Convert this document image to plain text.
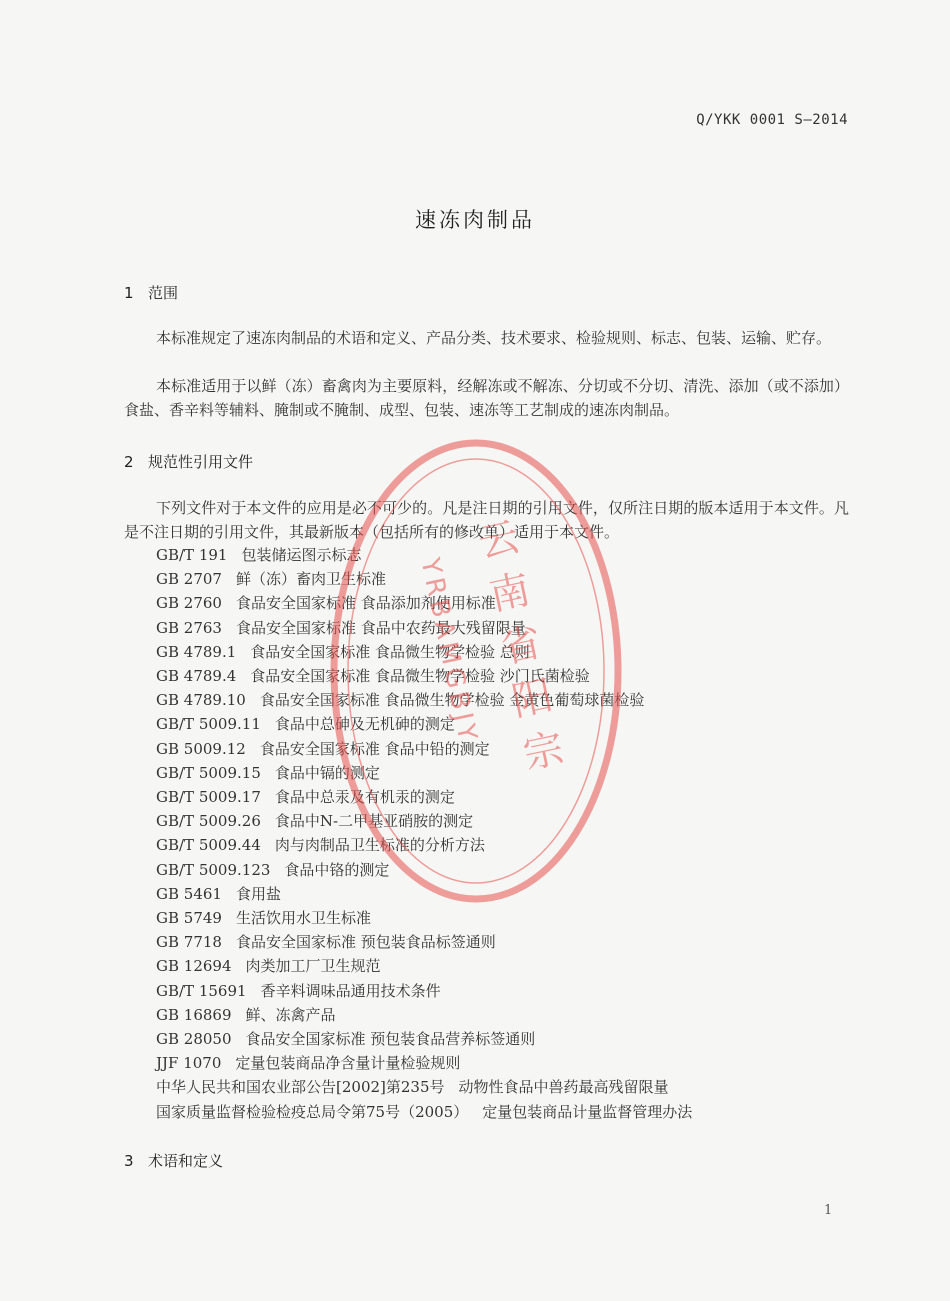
Q/YKK 0001 S—2014
速冻肉制品
1 范围

本标准规定了速冻肉制品的术语和定义、产品分类、技术要求、检验规则、标志、包装、运输、贮存。

本标准适用于以鲜（冻）畜禽肉为主要原料，经解冻或不解冻、分切或不分切、清洗、添加（或不添加）食盐、香辛料等辅料、腌制或不腌制、成型、包装、速冻等工艺制成的速冻肉制品。

2 规范性引用文件

下列文件对于本文件的应用是必不可少的。凡是注日期的引用文件，仅所注日期的版本适用于本文件。凡是不注日期的引用文件，其最新版本（包括所有的修改单）适用于本文件。

GB/T 191 包装储运图示标志
GB 2707 鲜（冻）畜肉卫生标准
GB 2760 食品安全国家标准 食品添加剂使用标准
GB 2763 食品安全国家标准 食品中农药最大残留限量
GB 4789.1 食品安全国家标准 食品微生物学检验 总则
GB 4789.4 食品安全国家标准 食品微生物学检验 沙门氏菌检验
GB 4789.10 食品安全国家标准 食品微生物学检验 金黄色葡萄球菌检验
GB/T 5009.11 食品中总砷及无机砷的测定
GB 5009.12 食品安全国家标准 食品中铅的测定
GB/T 5009.15 食品中镉的测定
GB/T 5009.17 食品中总汞及有机汞的测定
GB/T 5009.26 食品中N-二甲基亚硝胺的测定
GB/T 5009.44 肉与肉制品卫生标准的分析方法
GB/T 5009.123 食品中铬的测定
GB 5461 食用盐
GB 5749 生活饮用水卫生标准
GB 7718 食品安全国家标准 预包装食品标签通则
GB 12694 肉类加工厂卫生规范
GB/T 15691 香辛料调味品通用技术条件
GB 16869 鲜、冻禽产品
GB 28050 食品安全国家标准 预包装食品营养标签通则
JJF 1070 定量包装商品净含量计量检验规则
中华人民共和国农业部公告[2002]第235号 动物性食品中兽药最高残留限量
国家质量监督检验检疫总局令第75号（2005） 定量包装商品计量监督管理办法
3 术语和定义
1
云南省阳宗
YRBAMGBJY
